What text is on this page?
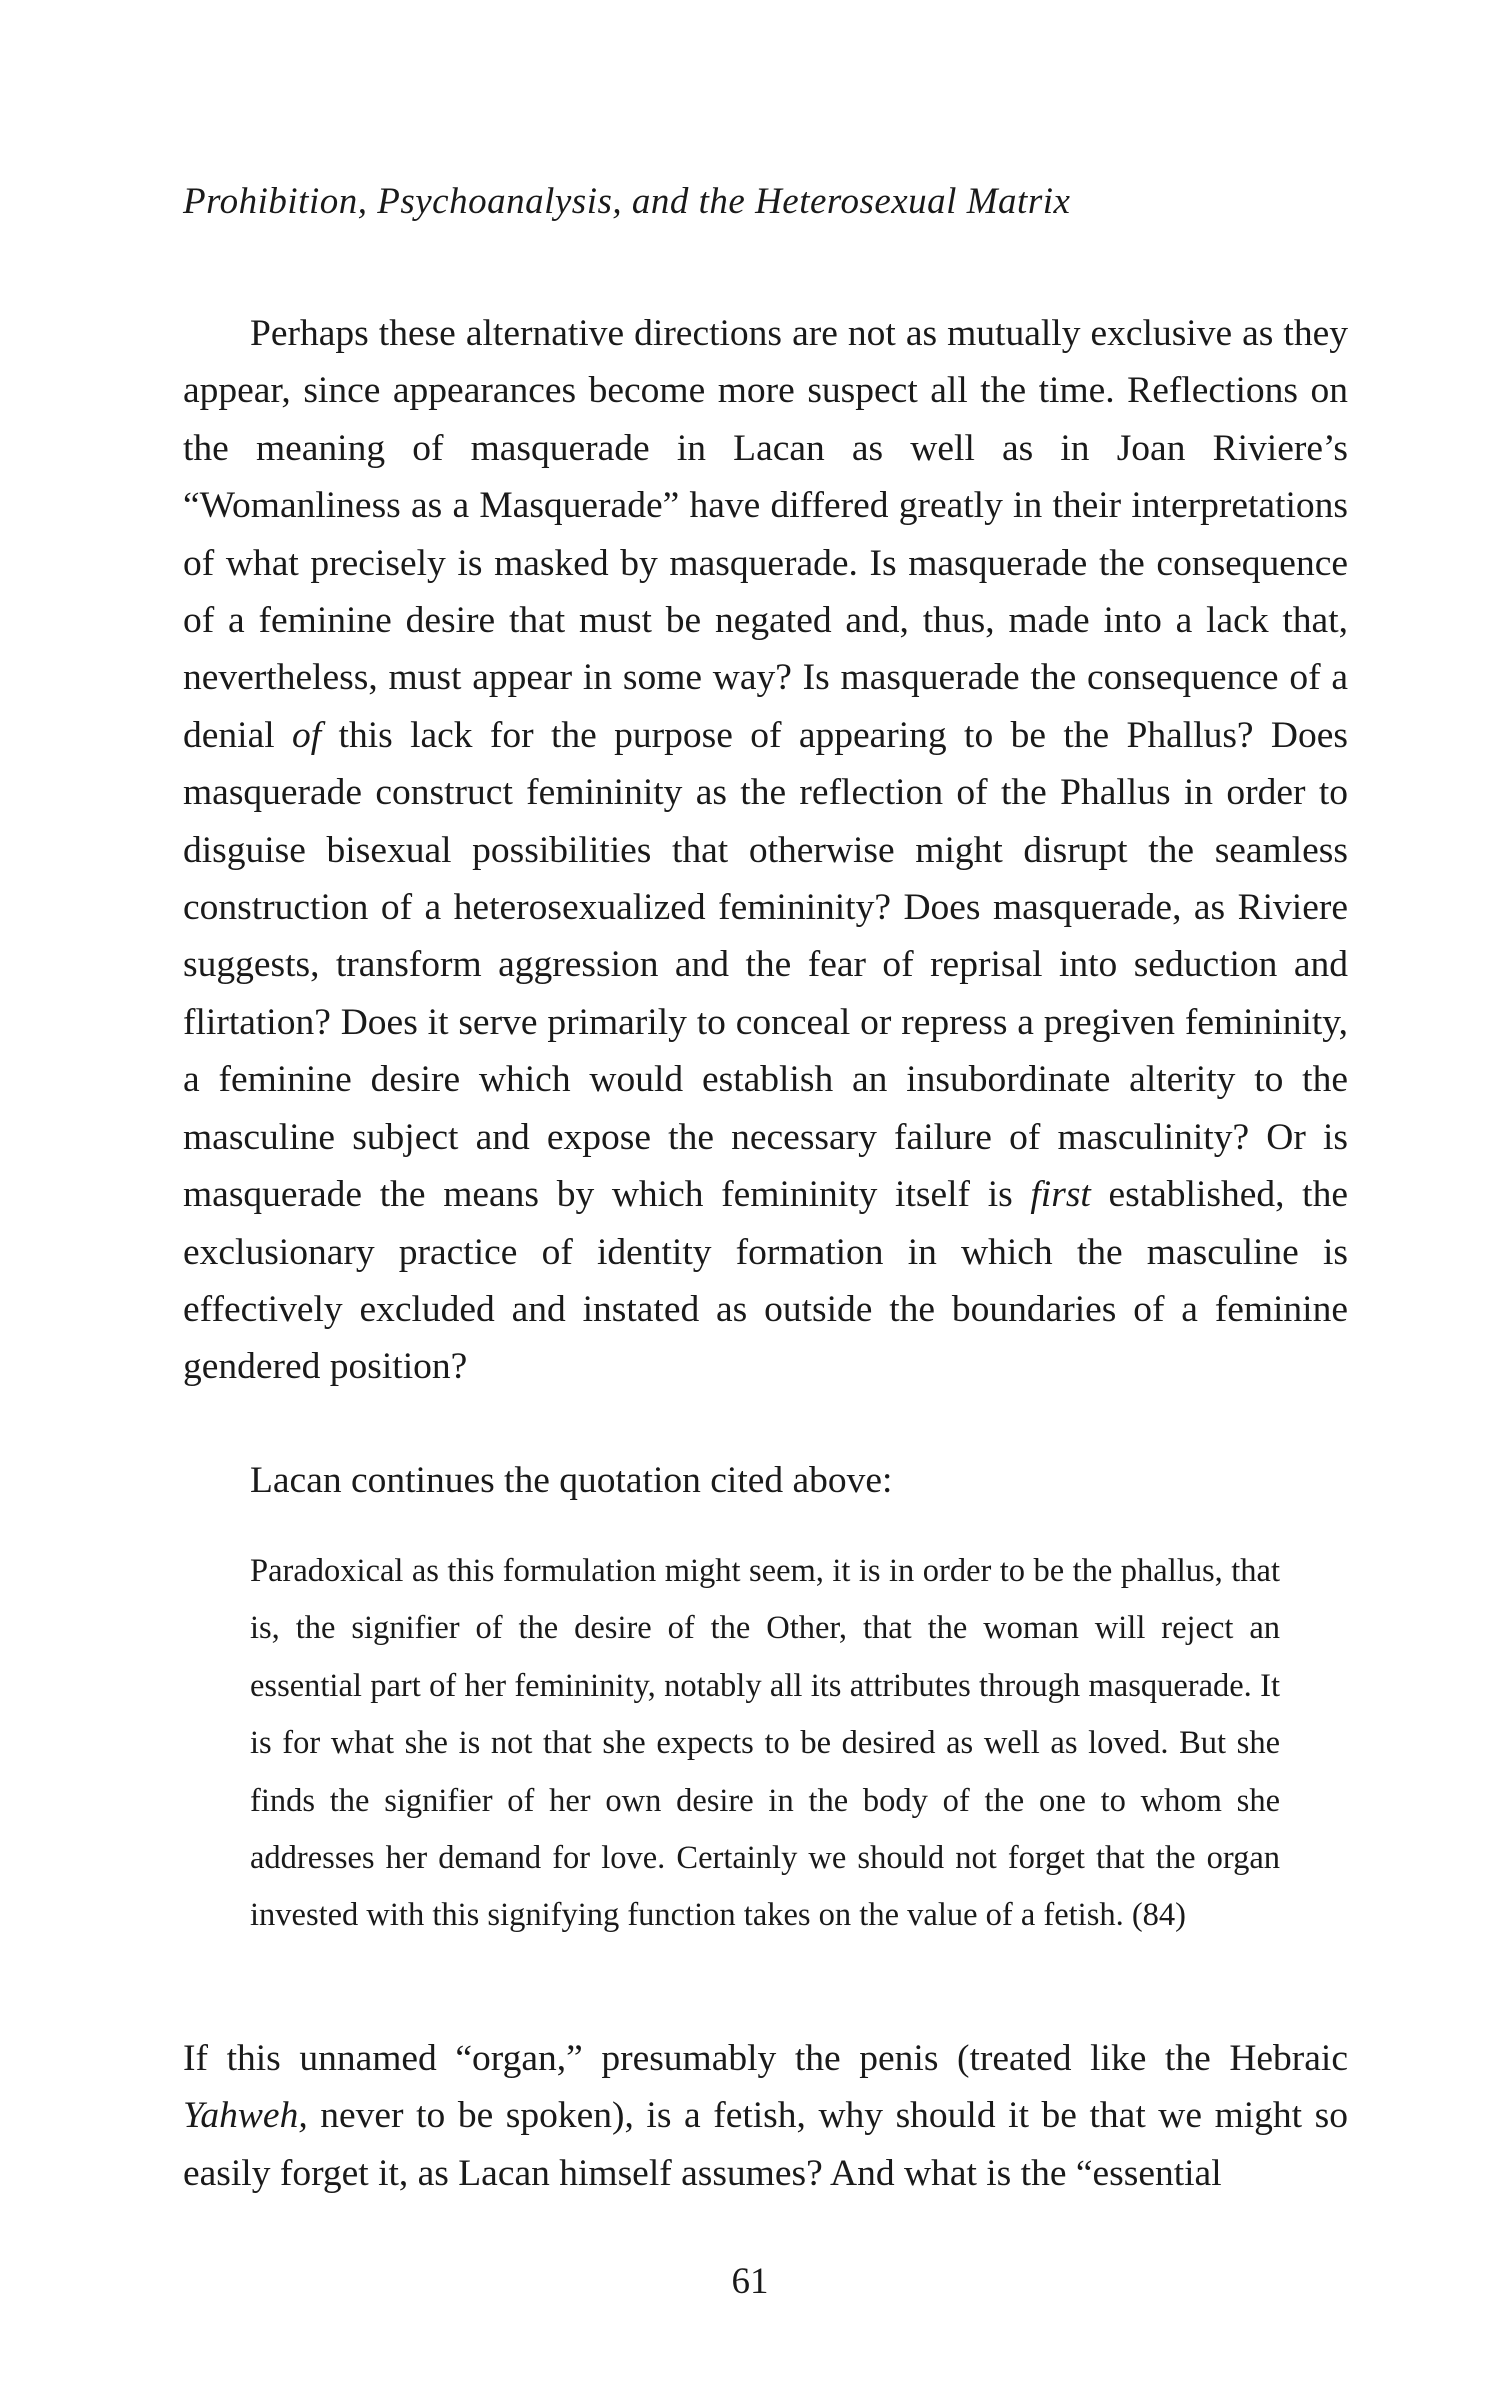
Prohibition, Psychoanalysis, and the Heterosexual Matrix

Perhaps these alternative directions are not as mutually exclusive as they appear, since appearances become more suspect all the time. Reflections on the meaning of masquerade in Lacan as well as in Joan Riviere’s “Womanliness as a Masquerade” have differed greatly in their interpretations of what precisely is masked by masquerade. Is masquerade the consequence of a feminine desire that must be negated and, thus, made into a lack that, nevertheless, must appear in some way? Is masquerade the consequence of a denial of this lack for the purpose of appearing to be the Phallus? Does masquerade construct femininity as the reflection of the Phallus in order to disguise bisexual possibilities that otherwise might disrupt the seamless construction of a heterosexualized femininity? Does masquerade, as Riviere suggests, transform aggression and the fear of reprisal into seduction and flirtation? Does it serve primarily to conceal or repress a pregiven femininity, a feminine desire which would establish an insubordinate alterity to the masculine subject and expose the necessary failure of masculinity? Or is masquerade the means by which femininity itself is first established, the exclusionary practice of identity formation in which the masculine is effectively excluded and instated as outside the boundaries of a feminine gendered position?

Lacan continues the quotation cited above:

Paradoxical as this formulation might seem, it is in order to be the phallus, that is, the signifier of the desire of the Other, that the woman will reject an essential part of her femininity, notably all its attributes through masquerade. It is for what she is not that she expects to be desired as well as loved. But she finds the signifier of her own desire in the body of the one to whom she addresses her demand for love. Certainly we should not forget that the organ invested with this signifying function takes on the value of a fetish. (84)

If this unnamed “organ,” presumably the penis (treated like the Hebraic Yahweh, never to be spoken), is a fetish, why should it be that we might so easily forget it, as Lacan himself assumes? And what is the “essential

61
